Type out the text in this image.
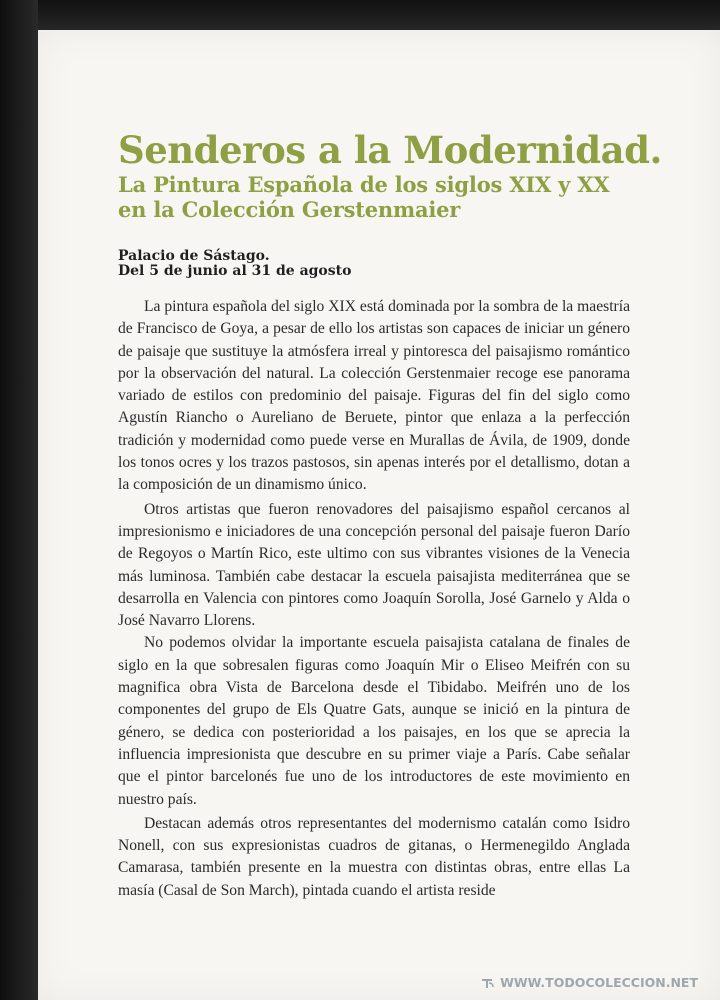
Senderos a la Modernidad.
La Pintura Española de los siglos XIX y XX
en la Colección Gerstenmaier

Palacio de Sástago.

Del 5 de junio al 31 de agosto

La pintura española del siglo XIX está dominada por la sombra de la maestría de Francisco de Goya, a pesar de ello los artistas son capaces de iniciar un género de paisaje que sustituye la atmósfera irreal y pintoresca del paisajismo romántico por la observación del natural. La colección Gerstenmaier recoge ese panorama variado de estilos con predominio del paisaje. Figuras del fin del siglo como Agustín Riancho o Aureliano de Beruete, pintor que enlaza a la perfección tradición y modernidad como puede verse en Murallas de Ávila, de 1909, donde los tonos ocres y los trazos pastosos, sin apenas interés por el detallismo, dotan a la composición de un dinamismo único.

Otros artistas que fueron renovadores del paisajismo español cercanos al impresionismo e iniciadores de una concepción personal del paisaje fueron Darío de Regoyos o Martín Rico, este ultimo con sus vibrantes visiones de la Venecia más luminosa. También cabe destacar la escuela paisajista mediterránea que se desarrolla en Valencia con pintores como Joaquín Sorolla, José Garnelo y Alda o José Navarro Llorens.

No podemos olvidar la importante escuela paisajista catalana de finales de siglo en la que sobresalen figuras como Joaquín Mir o Eliseo Meifrén con su magnifica obra Vista de Barcelona desde el Tibidabo. Meifrén uno de los componentes del grupo de Els Quatre Gats, aunque se inició en la pintura de género, se dedica con posterioridad a los paisajes, en los que se aprecia la influencia impresionista que descubre en su primer viaje a París. Cabe señalar que el pintor barcelonés fue uno de los introductores de este movimiento en nuestro país.

Destacan además otros representantes del modernismo catalán como Isidro Nonell, con sus expresionistas cuadros de gitanas, o Hermenegildo Anglada Camarasa, también presente en la muestra con distintas obras, entre ellas La masía (Casal de Son March), pintada cuando el artista reside

WWW.TODOCOLECCION.NET
